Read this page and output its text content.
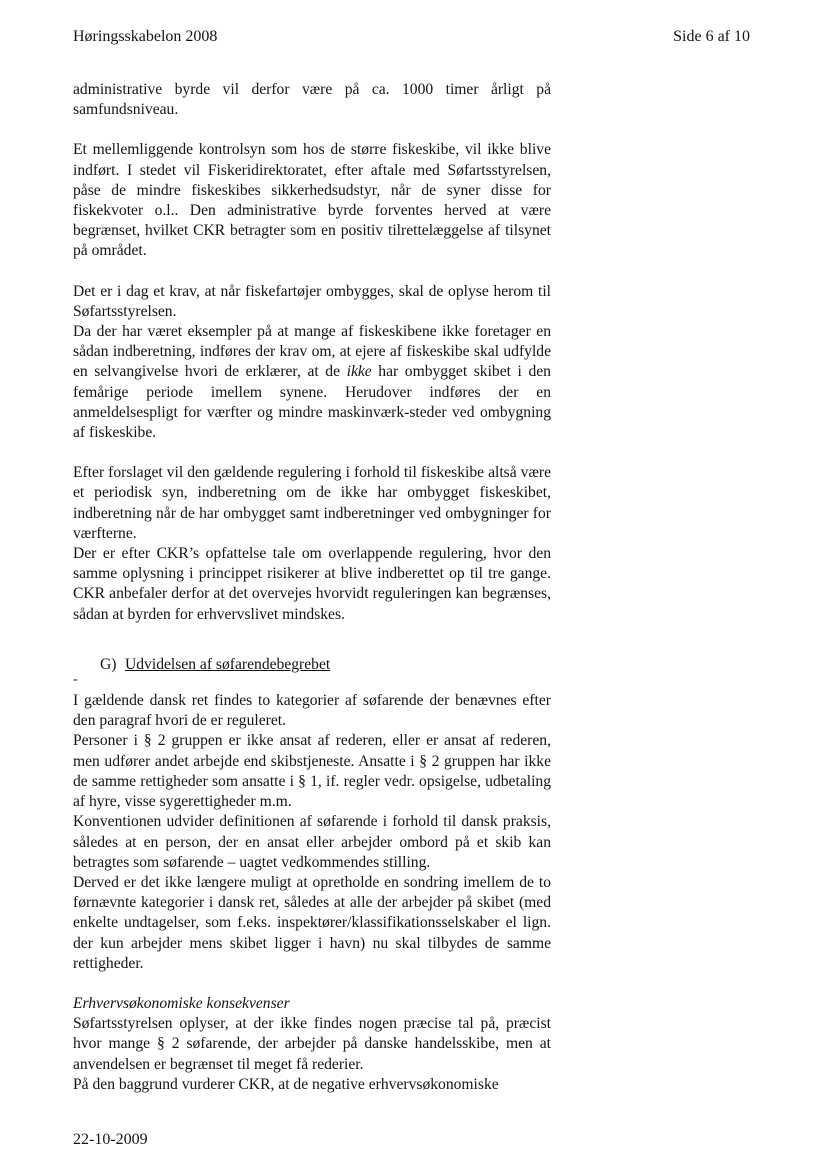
Høringsskabelon 2008	Side 6 af 10

administrative byrde vil derfor være på ca. 1000 timer årligt på samfundsniveau.

Et mellemliggende kontrolsyn som hos de større fiskeskibe, vil ikke blive indført. I stedet vil Fiskeridirektoratet, efter aftale med Søfartsstyrelsen, påse de mindre fiskeskibes sikkerhedsudstyr, når de syner disse for fiskekvoter o.l.. Den administrative byrde forventes herved at være begrænset, hvilket CKR betragter som en positiv tilrettelæggelse af tilsynet på området.

Det er i dag et krav, at når fiskefartøjer ombygges, skal de oplyse herom til Søfartsstyrelsen.

Da der har været eksempler på at mange af fiskeskibene ikke foretager en sådan indberetning, indføres der krav om, at ejere af fiskeskibe skal udfylde en selvangivelse hvori de erklærer, at de ikke har ombygget skibet i den femårige periode imellem synene. Herudover indføres der en anmeldelsespligt for værfter og mindre maskinværk-steder ved ombygning af fiskeskibe.

Efter forslaget vil den gældende regulering i forhold til fiskeskibe altså være et periodisk syn, indberetning om de ikke har ombygget fiskeskibet, indberetning når de har ombygget samt indberetninger ved ombygninger for værfterne.

Der er efter CKR’s opfattelse tale om overlappende regulering, hvor den samme oplysning i princippet risikerer at blive indberettet op til tre gange. CKR anbefaler derfor at det overvejes hvorvidt reguleringen kan begrænses, sådan at byrden for erhvervslivet mindskes.

G) Udvidelsen af søfarendebegrebet
-

I gældende dansk ret findes to kategorier af søfarende der benævnes efter den paragraf hvori de er reguleret.

Personer i § 2 gruppen er ikke ansat af rederen, eller er ansat af rederen, men udfører andet arbejde end skibstjeneste. Ansatte i § 2 gruppen har ikke de samme rettigheder som ansatte i § 1, if. regler vedr. opsigelse, udbetaling af hyre, visse sygerettigheder m.m.

Konventionen udvider definitionen af søfarende i forhold til dansk praksis, således at en person, der en ansat eller arbejder ombord på et skib kan betragtes som søfarende – uagtet vedkommendes stilling.

Derved er det ikke længere muligt at opretholde en sondring imellem de to førnævnte kategorier i dansk ret, således at alle der arbejder på skibet (med enkelte undtagelser, som f.eks. inspektører/klassifikationsselskaber el lign. der kun arbejder mens skibet ligger i havn) nu skal tilbydes de samme rettigheder.

Erhvervsøkonomiske konsekvenser

Søfartsstyrelsen oplyser, at der ikke findes nogen præcise tal på, præcist hvor mange § 2 søfarende, der arbejder på danske handelsskibe, men at anvendelsen er begrænset til meget få rederier.

På den baggrund vurderer CKR, at de negative erhvervsøkonomiske

22-10-2009
